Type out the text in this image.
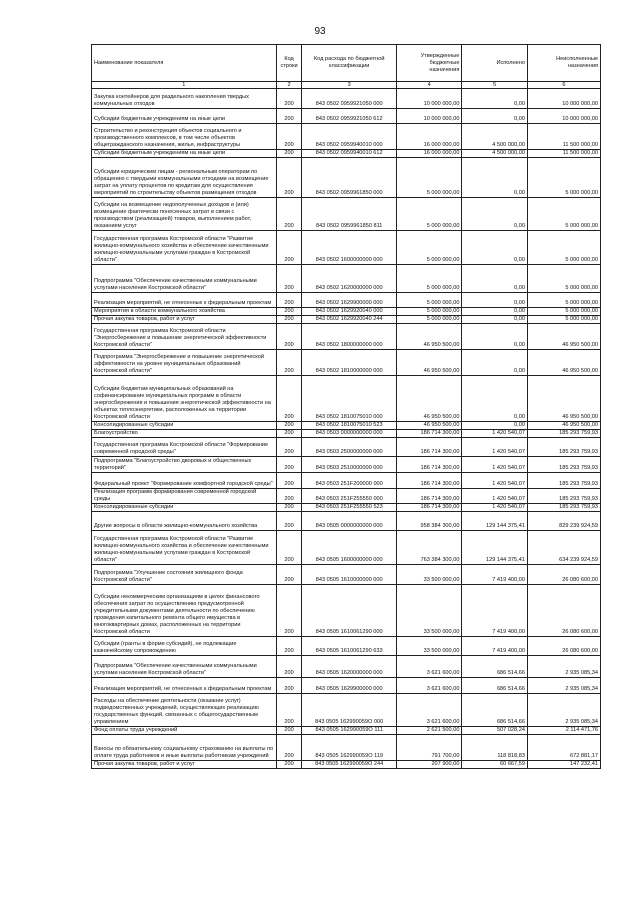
93
Наименование показателя	Код строки	Код расхода по бюджетной классификации	Утвержденные бюджетные назначения	Исполнено	Неисполненные назначения
1	2	3	4	5	6
Закупка контейнеров для раздельного накопления твердых коммунальных отходов	200	843 0502 0959921050 000	10 000 000,00	0,00	10 000 000,00
Субсидии бюджетным учреждениям на иные цели	200	843 0502 0959921050 612	10 000 000,00	0,00	10 000 000,00
Строительство и реконструкция объектов социального и производственного комплексов, в том числе объектов общегражданского назначения, жилья, инфраструктуры	200	843 0502 0959940010 000	16 000 000,00	4 500 000,00	11 500 000,00
Субсидии бюджетным учреждениям на иные цели	200	843 0502 0959940010 612	16 000 000,00	4 500 000,00	11 500 000,00
Субсидии юридическим лицам - региональным операторам по обращению с твердыми коммунальными отходами на возмещение затрат на уплату процентов по кредитам для осуществления мероприятий по строительству объектов размещения отходов	200	843 0502 0959961850 000	5 000 000,00	0,00	5 000 000,00
Субсидии на возмещение недополученных доходов и (или) возмещение фактически понесенных затрат в связи с производством (реализацией) товаров, выполнением работ, оказанием услуг	200	843 0502 0959961850 811	5 000 000,00	0,00	5 000 000,00
Государственная программа Костромской области "Развитие жилищно-коммунального хозяйства и обеспечение качественными жилищно-коммунальными услугами граждан в Костромской области"	200	843 0502 1600000000 000	5 000 000,00	0,00	5 000 000,00
Подпрограмма "Обеспечение качественными коммунальными услугами населения Костромской области"	200	843 0502 1620000000 000	5 000 000,00	0,00	5 000 000,00
Реализация мероприятий, не отнесенных к федеральным проектам	200	843 0502 1629900000 000	5 000 000,00	0,00	5 000 000,00
Мероприятия в области коммунального хозяйства	200	843 0502 1629920040 000	5 000 000,00	0,00	5 000 000,00
Прочая закупка товаров, работ и услуг	200	843 0502 1629920040 244	5 000 000,00	0,00	5 000 000,00
Государственная программа Костромской области "Энергосбережение и повышение энергетической эффективности Костромской области"	200	843 0502 1800000000 000	46 950 500,00	0,00	46 950 500,00
Подпрограмма "Энергосбережение и повышение энергетической эффективности на уровне муниципальных образований Костромской области"	200	843 0502 1810000000 000	46 950 500,00	0,00	46 950 500,00
Субсидии бюджетам муниципальных образований на софинансирование муниципальных программ в области энергосбережения и повышения энергетической эффективности на объектах теплоэнергетики, расположенных на территории Костромской области	200	843 0502 1810075010 000	46 950 500,00	0,00	46 950 500,00
Консолидированные субсидии	200	843 0502 1810075010 523	46 950 500,00	0,00	46 950 500,00
Благоустройство	200	843 0503 0000000000 000	186 714 300,00	1 420 540,07	185 293 759,93
Государственная программа Костромской области "Формирование современной городской среды"	200	843 0503 2500000000 000	186 714 300,00	1 420 540,07	185 293 759,93
Подпрограмма "Благоустройство дворовых и общественных территорий"	200	843 0503 2510000000 000	186 714 300,00	1 420 540,07	185 293 759,93
Федеральный проект "Формирование комфортной городской среды"	200	843 0503 251F200000 000	186 714 300,00	1 420 540,07	185 293 759,93
Реализация программ формирования современной городской среды	200	843 0503 251F255550 000	186 714 300,00	1 420 540,07	185 293 759,93
Консолидированные субсидии	200	843 0503 251F255550 523	186 714 300,00	1 420 540,07	185 293 759,93
Другие вопросы в области жилищно-коммунального хозяйства	200	843 0505 0000000000 000	958 384 300,00	129 144 375,41	829 239 924,59
Государственная программа Костромской области "Развитие жилищно-коммунального хозяйства и обеспечение качественными жилищно-коммунальными услугами граждан в Костромской области"	200	843 0505 1600000000 000	763 384 300,00	129 144 375,41	634 239 924,59
Подпрограмма "Улучшение состояния жилищного фонда Костромской области"	200	843 0505 1610000000 000	33 500 000,00	7 419 400,00	26 080 600,00
Субсидии некоммерческим организациям в целях финансового обеспечения затрат по осуществлению предусмотренной учредительными документами деятельности по обеспечению проведения капитального ремонта общего имущества в многоквартирных домах, расположенных на территории Костромской области	200	843 0505 1610061290 000	33 500 000,00	7 419 400,00	26 080 600,00
Субсидии (гранты в форме субсидий), не подлежащие казначейскому сопровождению	200	843 0505 1610061290 633	33 500 000,00	7 419 400,00	26 080 600,00
Подпрограмма "Обеспечение качественными коммунальными услугами населения Костромской области"	200	843 0505 1620000000 000	3 621 600,00	686 514,66	2 935 085,34
Реализация мероприятий, не отнесенных к федеральным проектам	200	843 0505 1629900000 000	3 621 600,00	686 514,66	2 935 085,34
Расходы на обеспечение деятельности (оказание услуг) подведомственных учреждений, осуществляющих реализацию государственных функций, связанных с общегосударственным управлением	200	843 0505 162990059О 000	3 621 600,00	686 514,66	2 935 085,34
Фонд оплаты труда учреждений	200	843 0505 162990059О 111	2 621 500,00	507 028,24	2 114 471,76
Взносы по обязательному социальному страхованию на выплаты по оплате труда работников и иные выплаты работникам учреждений	200	843 0505 162990059О 119	791 700,00	118 818,83	672 881,17
Прочая закупка товаров, работ и услуг	200	843 0505 162990059О 244	207 900,00	60 667,59	147 232,41
